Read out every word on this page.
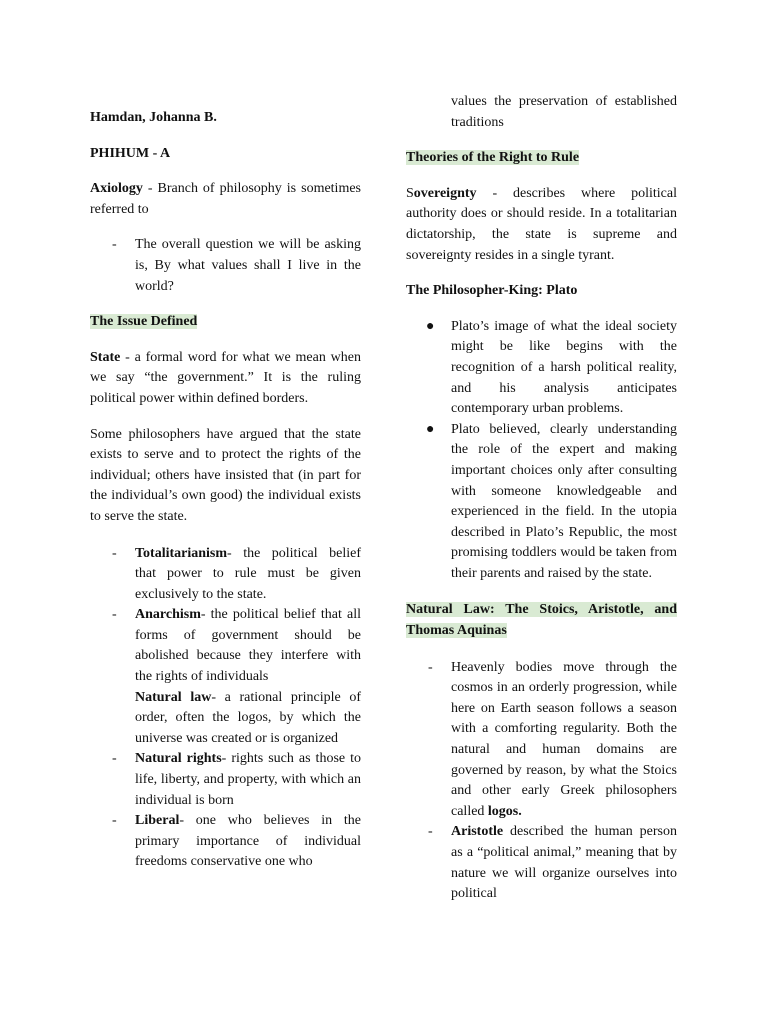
Hamdan, Johanna B.

PHIHUM - A

Axiology - Branch of philosophy is sometimes referred to

- The overall question we will be asking is, By what values shall I live in the world?

The Issue Defined

State - a formal word for what we mean when we say “the government.” It is the ruling political power within defined borders.

Some philosophers have argued that the state exists to serve and to protect the rights of the individual; others have insisted that (in part for the individual’s own good) the individual exists to serve the state.

- Totalitarianism- the political belief that power to rule must be given exclusively to the state.
- Anarchism- the political belief that all forms of government should be abolished because they interfere with the rights of individuals
Natural law- a rational principle of order, often the logos, by which the universe was created or is organized
- Natural rights- rights such as those to life, liberty, and property, with which an individual is born
- Liberal- one who believes in the primary importance of individual freedoms conservative one who

values the preservation of established traditions

Theories of the Right to Rule

Sovereignty - describes where political authority does or should reside. In a totalitarian dictatorship, the state is supreme and sovereignty resides in a single tyrant.

The Philosopher-King: Plato

● Plato’s image of what the ideal society might be like begins with the recognition of a harsh political reality, and his analysis anticipates contemporary urban problems.
● Plato believed, clearly understanding the role of the expert and making important choices only after consulting with someone knowledgeable and experienced in the field. In the utopia described in Plato’s Republic, the most promising toddlers would be taken from their parents and raised by the state.

Natural Law: The Stoics, Aristotle, and Thomas Aquinas

- Heavenly bodies move through the cosmos in an orderly progression, while here on Earth season follows a season with a comforting regularity. Both the natural and human domains are governed by reason, by what the Stoics and other early Greek philosophers called logos.
- Aristotle described the human person as a “political animal,” meaning that by nature we will organize ourselves into political
